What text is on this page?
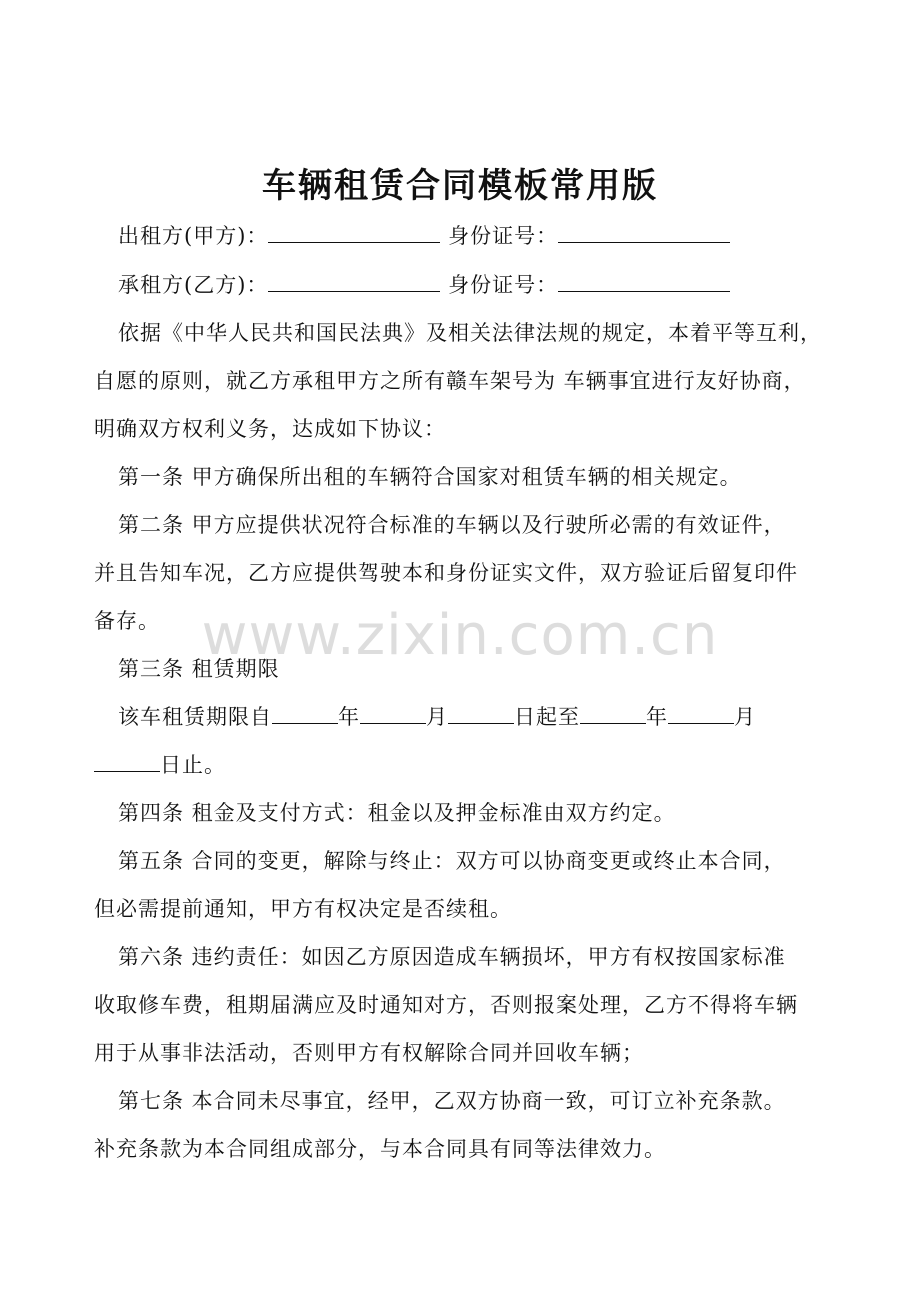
车辆租赁合同模板常用版
出租方(甲方)：	身份证号：
承租方(乙方)：	身份证号：
依据《中华人民共和国民法典》及相关法律法规的规定，本着平等互利，
自愿的原则，就乙方承租甲方之所有赣车架号为 车辆事宜进行友好协商，
明确双方权利义务，达成如下协议：
第一条 甲方确保所出租的车辆符合国家对租赁车辆的相关规定。
第二条 甲方应提供状况符合标准的车辆以及行驶所必需的有效证件，
并且告知车况，乙方应提供驾驶本和身份证实文件，双方验证后留复印件
备存。
第三条 租赁期限
该车租赁期限自	年	月	日起至	年	月
日止。
第四条 租金及支付方式：租金以及押金标准由双方约定。
第五条 合同的变更，解除与终止：双方可以协商变更或终止本合同，
但必需提前通知，甲方有权决定是否续租。
第六条 违约责任：如因乙方原因造成车辆损坏，甲方有权按国家标准
收取修车费，租期届满应及时通知对方，否则报案处理，乙方不得将车辆
用于从事非法活动，否则甲方有权解除合同并回收车辆；
第七条 本合同未尽事宜，经甲，乙双方协商一致，可订立补充条款。
补充条款为本合同组成部分，与本合同具有同等法律效力。
www.zixin.com.cn
